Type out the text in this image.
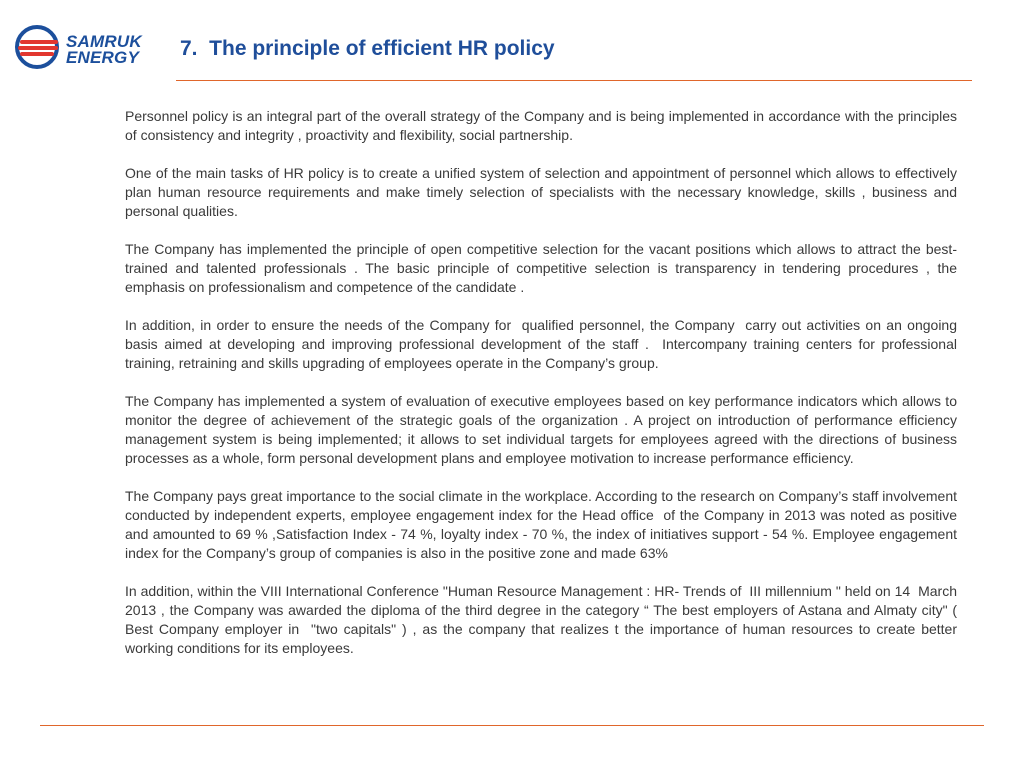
SAMRUK
ENERGY 7.  The principle of efficient HR policy

Personnel policy is an integral part of the overall strategy of the Company and is being implemented in accordance with the principles of consistency and integrity , proactivity and flexibility, social partnership.

One of the main tasks of HR policy is to create a unified system of selection and appointment of personnel which allows to effectively plan human resource requirements and make timely selection of specialists with the necessary knowledge, skills , business and personal qualities.

The Company has implemented the principle of open competitive selection for the vacant positions which allows to attract the best-trained and talented professionals . The basic principle of competitive selection is transparency in tendering procedures , the emphasis on professionalism and competence of the candidate .

In addition, in order to ensure the needs of the Company for  qualified personnel, the Company  carry out activities on an ongoing basis aimed at developing and improving professional development of the staff .  Intercompany training centers for professional training, retraining and skills upgrading of employees operate in the Company’s group.

The Company has implemented a system of evaluation of executive employees based on key performance indicators which allows to monitor the degree of achievement of the strategic goals of the organization . A project on introduction of performance efficiency management system is being implemented; it allows to set individual targets for employees agreed with the directions of business processes as a whole, form personal development plans and employee motivation to increase performance efficiency.

The Company pays great importance to the social climate in the workplace. According to the research on Company’s staff involvement conducted by independent experts, employee engagement index for the Head office  of the Company in 2013 was noted as positive and amounted to 69 % ,Satisfaction Index - 74 %, loyalty index - 70 %, the index of initiatives support - 54 %. Employee engagement index for the Company’s group of companies is also in the positive zone and made 63%

In addition, within the VIII International Conference "Human Resource Management : HR- Trends of  III millennium " held on 14  March 2013 , the Company was awarded the diploma of the third degree in the category “ The best employers of Astana and Almaty city" ( Best Company employer in  "two capitals" ) , as the company that realizes t the importance of human resources to create better working conditions for its employees.
